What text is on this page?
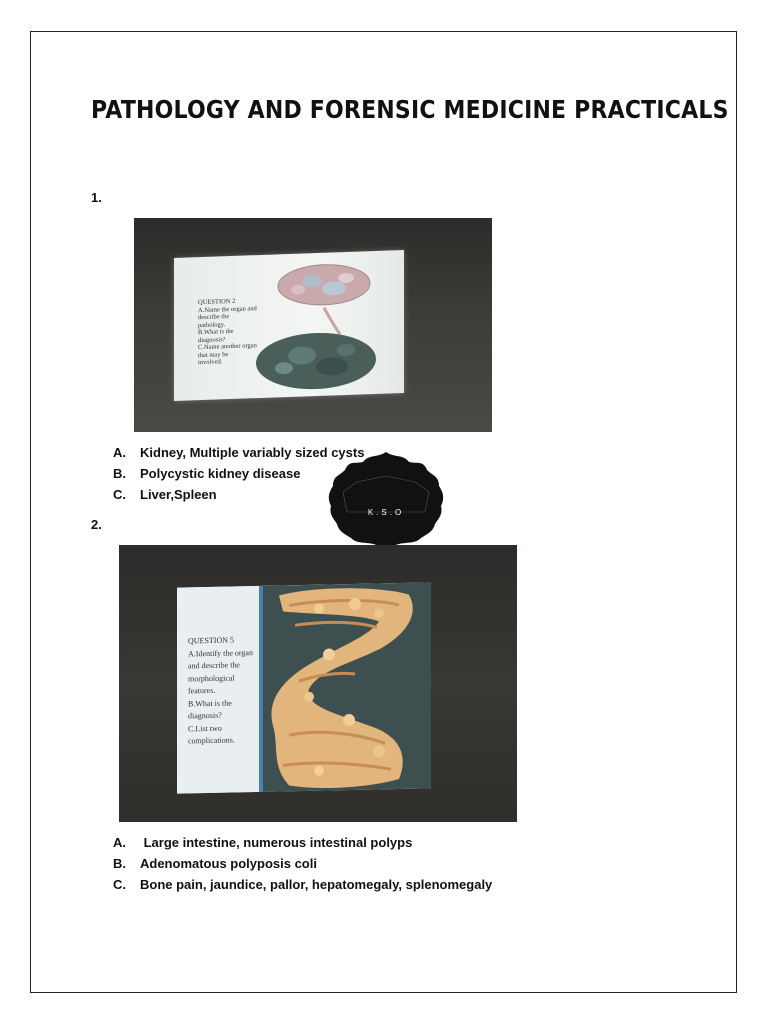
PATHOLOGY AND FORENSIC MEDICINE PRACTICALS
1.
QUESTION 2
A.Name the organ and
describe the
pathology.
B.What is the
diagnosis?
C.Name another organ
that may be
involved.
A.	Kidney, Multiple variably sized cysts
B.	Polycystic kidney disease
C.	Liver,Spleen
K.S.O
2.
QUESTION 5
A.Identify the organ
and describe the
morphological
features.
B.What is the
diagnosis?
C.List two
complications.
A.	Large intestine, numerous intestinal polyps
B.	Adenomatous polyposis coli
C.	Bone pain, jaundice, pallor, hepatomegaly, splenomegaly
